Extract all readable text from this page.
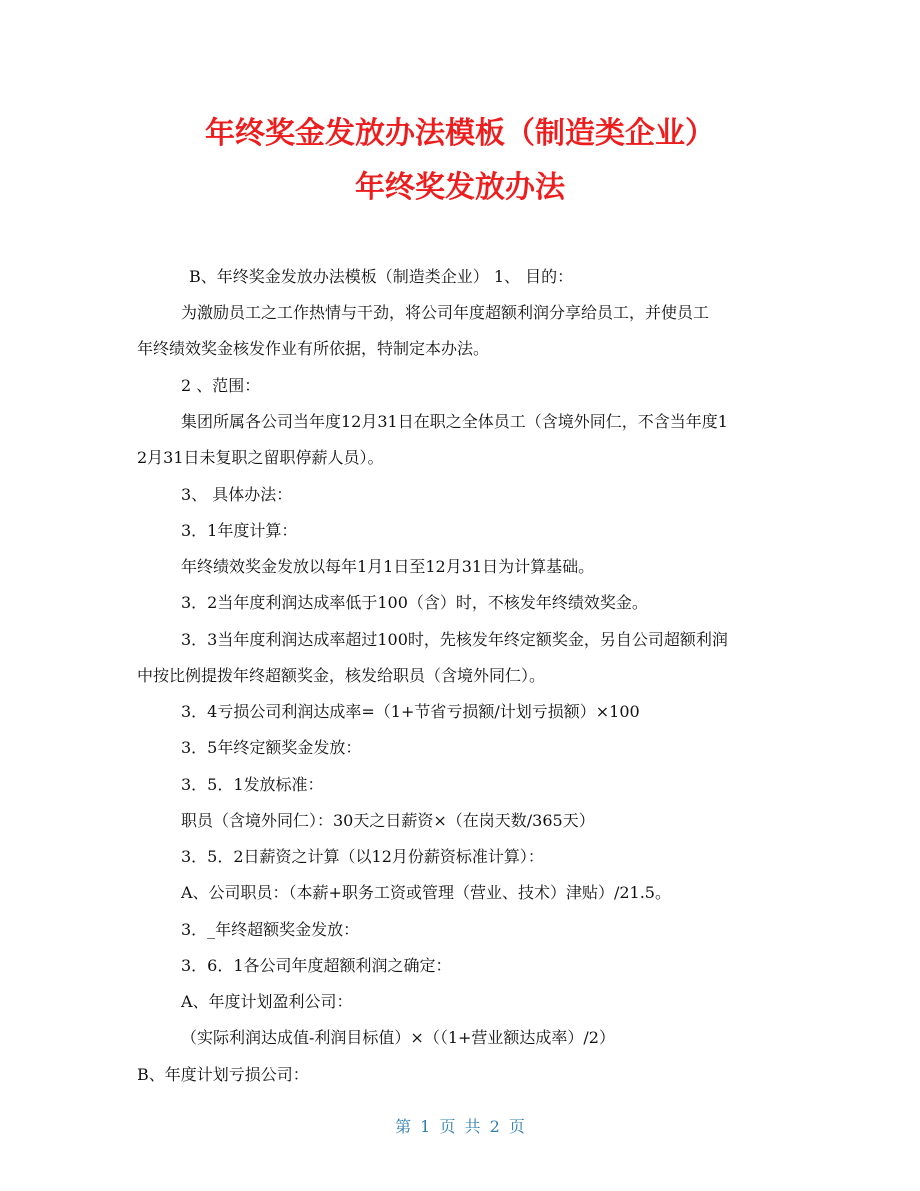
年终奖金发放办法模板（制造类企业）
年终奖发放办法
B、年终奖金发放办法模板（制造类企业） 1、 目的：
为激励员工之工作热情与干劲，将公司年度超额利润分享给员工，并使员工
年终绩效奖金核发作业有所依据，特制定本办法。
2 、范围：
集团所属各公司当年度12月31日在职之全体员工（含境外同仁，不含当年度1
2月31日未复职之留职停薪人员）。
3、 具体办法：
3．1年度计算：
年终绩效奖金发放以每年1月1日至12月31日为计算基础。
3．2当年度利润达成率低于100（含）时，不核发年终绩效奖金。
3．3当年度利润达成率超过100时，先核发年终定额奖金，另自公司超额利润
中按比例提拨年终超额奖金，核发给职员（含境外同仁）。
3．4亏损公司利润达成率=（1+节省亏损额/计划亏损额）×100
3．5年终定额奖金发放：
3．5．1发放标准：
职员（含境外同仁）：30天之日薪资×（在岗天数/365天）
3．5．2日薪资之计算（以12月份薪资标准计算）：
A、公司职员：（本薪+职务工资或管理（营业、技术）津贴）/21.5。
3．_年终超额奖金发放：
3．6．1各公司年度超额利润之确定：
A、年度计划盈利公司：
（实际利润达成值-利润目标值）×（（1+营业额达成率）/2）
B、年度计划亏损公司：
第 1 页 共 2 页
